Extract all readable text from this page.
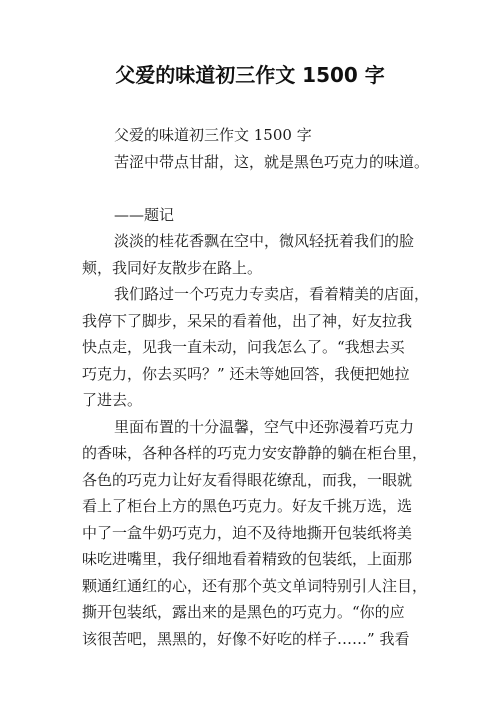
父爱的味道初三作文 1500 字
父爱的味道初三作文 1500 字
苦涩中带点甘甜，这，就是黑色巧克力的味道。
——题记
淡淡的桂花香飘在空中，微风轻抚着我们的脸
颊，我同好友散步在路上。
我们路过一个巧克力专卖店，看着精美的店面，
我停下了脚步，呆呆的看着他，出了神，好友拉我
快点走，见我一直未动，问我怎么了。“我想去买
巧克力，你去买吗？” 还未等她回答，我便把她拉
了进去。
里面布置的十分温馨，空气中还弥漫着巧克力
的香味，各种各样的巧克力安安静静的躺在柜台里，
各色的巧克力让好友看得眼花缭乱，而我，一眼就
看上了柜台上方的黑色巧克力。好友千挑万选，选
中了一盒牛奶巧克力，迫不及待地撕开包装纸将美
味吃进嘴里，我仔细地看着精致的包装纸，上面那
颗通红通红的心，还有那个英文单词特别引人注目，
撕开包装纸，露出来的是黑色的巧克力。“你的应
该很苦吧，黑黑的，好像不好吃的样子……” 我看
